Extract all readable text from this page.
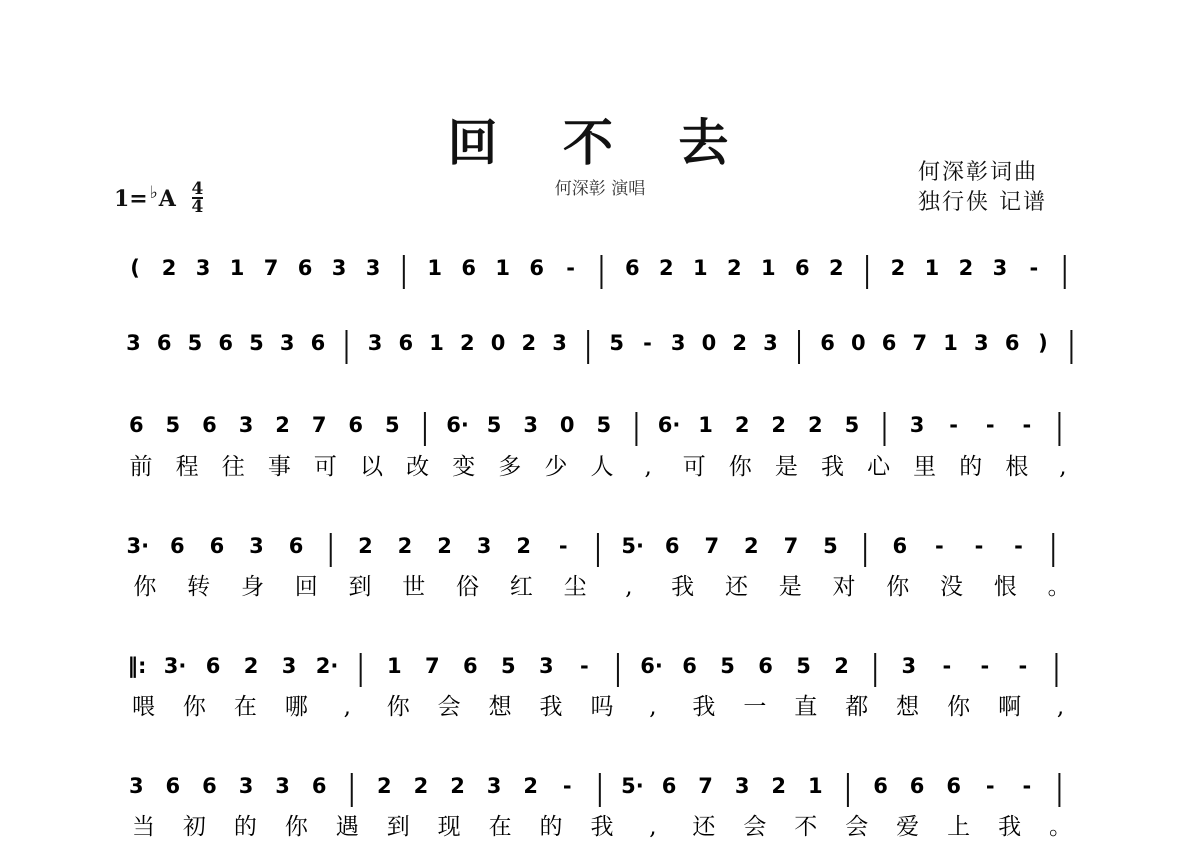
回 不 去
何深彰 演唱
何深彰词曲
独行侠 记谱
$1= ^♭A \frac{4}{4}$
( 2 3 1 7 6 3 3 1 6 1 6 - 6 2 1 2 1 6 2 2 1 2 3 -
3 6 5 6 5 3 6 3 6 1 2 0 2 3 5 - 3 0 2 3 6 0 6 7 1 3 6 )
6 5 6 3 2 7 6 5 6· 5 3 0 5 6· 1 2 2 2 5 3 - - -
前 程 往 事 可 以 改 变 多 少 人 , 可 你 是 我 心 里 的 根 ,
3· 6 6 3 6	2 2 2 3 2 -	5· 6 7 2 7 5	6 - - -
你 转 身 回 到 世 俗 红 尘 , 我 还 是 对 你 没 恨 。
‖: 3· 6 2 3 2· 1 7 6 5 3 - 6· 6 5 6 5 2	3 - - -
喂 你 在 哪 , 你 会 想 我 吗 , 我 一 直 都 想 你 啊 ,
3 6 6 3 3 6 2 2 2 3 2 - 5· 6 7 3 2 1 6 6 6 - -
当 初 的 你 遇 到 现 在 的 我 , 还 会 不 会 爱 上 我 。
